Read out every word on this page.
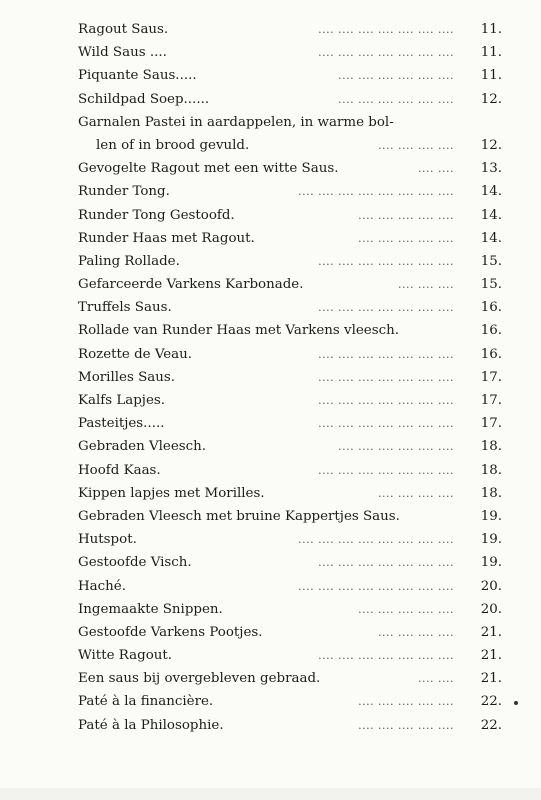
Ragout Saus.	.... .... .... .... .... .... .... 11.
Wild Saus ....	.... .... .... .... .... .... .... 11.
Piquante Saus.....	.... .... .... .... .... .... 11.
Schildpad Soep......	.... .... .... .... .... .... 12.
Garnalen Pastei in aardappelen, in warme bol-
len of in brood gevuld.	.... .... .... .... 12.
Gevogelte Ragout met een witte Saus.	.... .... 13.
Runder Tong.	.... .... .... .... .... .... .... .... 14.
Runder Tong Gestoofd.	.... .... .... .... .... 14.
Runder Haas met Ragout.	.... .... .... .... .... 14.
Paling Rollade.	.... .... .... .... .... .... .... 15.
Gefarceerde Varkens Karbonade.	.... .... .... 15.
Truffels Saus.	.... .... .... .... .... .... .... 16.
Rollade van Runder Haas met Varkens vleesch.	16.
Rozette de Veau.	.... .... .... .... .... .... .... 16.
Morilles Saus.	.... .... .... .... .... .... .... 17.
Kalfs Lapjes.	.... .... .... .... .... .... .... 17.
Pasteitjes.....	.... .... .... .... .... .... .... 17.
Gebraden Vleesch.	.... .... .... .... .... .... 18.
Hoofd Kaas.	.... .... .... .... .... .... .... 18.
Kippen lapjes met Morilles.	.... .... .... .... 18.
Gebraden Vleesch met bruine Kappertjes Saus.	19.
Hutspot.	.... .... .... .... .... .... .... .... 19.
Gestoofde Visch.	.... .... .... .... .... .... .... 19.
Haché.	.... .... .... .... .... .... .... .... 20.
Ingemaakte Snippen.	.... .... .... .... .... 20.
Gestoofde Varkens Pootjes.	.... .... .... .... 21.
Witte Ragout.	.... .... .... .... .... .... .... 21.
Een saus bij overgebleven gebraad.	.... .... 21.
Paté à la financière.	.... .... .... .... .... 22.
Paté à la Philosophie.	.... .... .... .... .... 22.
